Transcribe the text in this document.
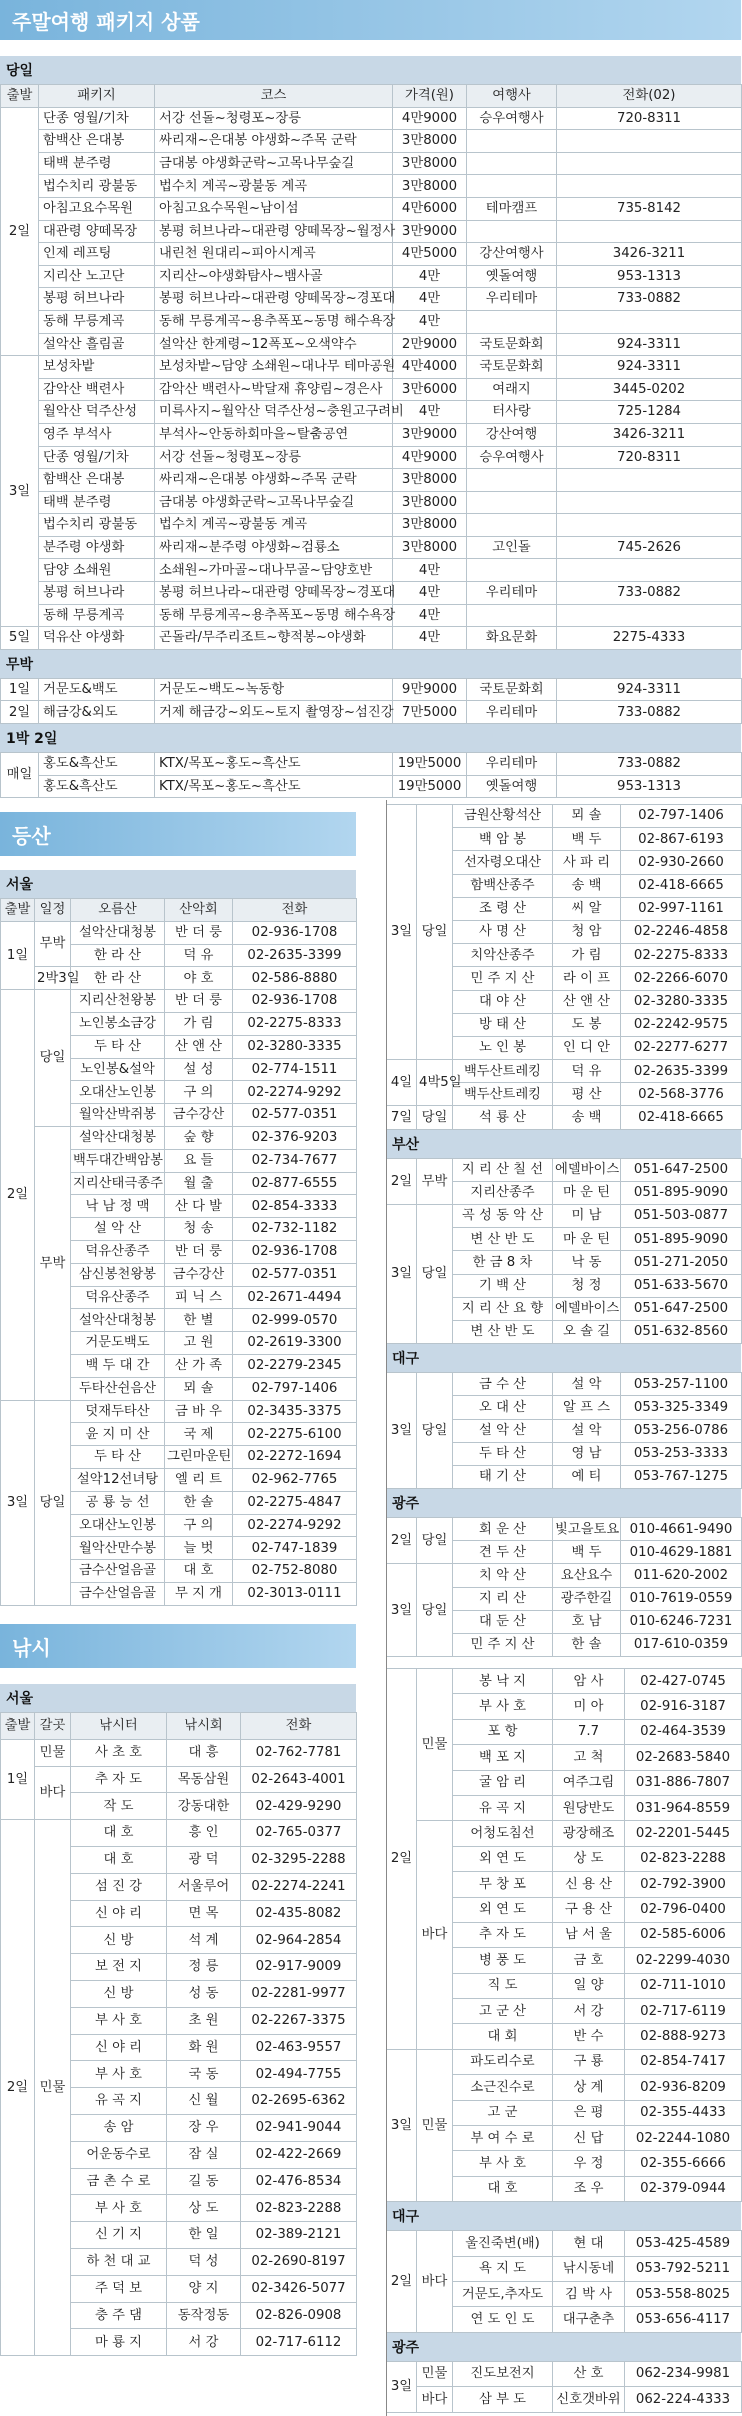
주말여행 패키지 상품
당일
출발	패키지	코스	가격(원)	여행사	전화(02)
2일	단종 영월/기차	서강 선돌~청령포~장릉	4만9000	승우여행사	720-8311
	함백산 은대봉	싸리재~은대봉 야생화~주목 군락	3만8000		
	태백 분주령	금대봉 야생화군락~고목나무숲길	3만8000		
	법수치리 광불동	법수치 계곡~광불동 계곡	3만8000		
	아침고요수목원	아침고요수목원~남이섬	4만6000	테마캠프	735-8142
	대관령 양떼목장	봉평 허브나라~대관령 양떼목장~월정사	3만9000		
	인제 레프팅	내린천 원대리~피아시계곡	4만5000	강산여행사	3426-3211
	지리산 노고단	지리산~야생화탐사~뱀사골	4만	옛돌여행	953-1313
	봉평 허브나라	봉평 허브나라~대관령 양떼목장~경포대	4만	우리테마	733-0882
	동해 무릉계곡	동해 무릉계곡~용추폭포~동명 해수욕장	4만		
	설악산 흘림골	설악산 한계령~12폭포~오색약수	2만9000	국토문화회	924-3311
3일	보성차밭	보성차밭~담양 소쇄원~대나무 테마공원	4만4000	국토문화회	924-3311
	감악산 백련사	감악산 백련사~박달재 휴양림~경은사	3만6000	여래지	3445-0202
	월악산 덕주산성	미륵사지~월악산 덕주산성~충원고구려비	4만	터사랑	725-1284
	영주 부석사	부석사~안동하회마을~탈춤공연	3만9000	강산여행	3426-3211
	단종 영월/기차	서강 선돌~청령포~장릉	4만9000	승우여행사	720-8311
	함백산 은대봉	싸리재~은대봉 야생화~주목 군락	3만8000		
	태백 분주령	금대봉 야생화군락~고목나무숲길	3만8000		
	법수치리 광불동	법수치 계곡~광불동 계곡	3만8000		
	분주령 야생화	싸리재~분주령 야생화~검룡소	3만8000	고인돌	745-2626
	담양 소쇄원	소쇄원~가마골~대나무골~담양호반	4만		
	봉평 허브나라	봉평 허브나라~대관령 양떼목장~경포대	4만	우리테마	733-0882
	동해 무릉계곡	동해 무릉계곡~용추폭포~동명 해수욕장	4만		
5일	덕유산 야생화	곤돌라/무주리조트~향적봉~야생화	4만	화요문화	2275-4333
무박
1일	거문도&백도	거문도~백도~녹동항	9만9000	국토문화회	924-3311
2일	해금강&외도	거제 해금강~외도~토지 촬영장~섬진강	7만5000	우리테마	733-0882
1박 2일
매일	홍도&흑산도	KTX/목포~홍도~흑산도	19만5000	우리테마	733-0882
	홍도&흑산도	KTX/목포~홍도~흑산도	19만5000	옛돌여행	953-1313
등산
서울
출발	일정	오름산	산악회	전화
1일	무박	설악산대청봉	반 더 룽	02-936-1708
		한 라 산	덕 유	02-2635-3399
	2박3일	한 라 산	야 호	02-586-8880
2일	당일	지리산천왕봉	반 더 룽	02-936-1708
		노인봉소금강	가 림	02-2275-8333
		두 타 산	산 앤 산	02-3280-3335
		노인봉&설악	설 성	02-774-1511
		오대산노인봉	구 의	02-2274-9292
		월악산박쥐봉	금수강산	02-577-0351
	무박	설악산대청봉	숲 향	02-376-9203
		백두대간백암봉	요 들	02-734-7677
		지리산태극종주	월 출	02-877-6555
		낙 남 정 맥	산 다 발	02-854-3333
		설 악 산	청 송	02-732-1182
		덕유산종주	반 더 룽	02-936-1708
		삼신봉천왕봉	금수강산	02-577-0351
		덕유산종주	피 닉 스	02-2671-4494
		설악산대청봉	한 별	02-999-0570
		거문도백도	고 원	02-2619-3300
		백 두 대 간	산 가 족	02-2279-2345
		두타산쉰음산	뫼 솔	02-797-1406
3일	당일	덧재두타산	금 바 우	02-3435-3375
		윤 지 미 산	국 제	02-2275-6100
		두 타 산	그린마운틴	02-2272-1694
		설악12선녀탕	엘 리 트	02-962-7765
		공 룡 능 선	한 솔	02-2275-4847
		오대산노인봉	구 의	02-2274-9292
		월악산만수봉	늘 벗	02-747-1839
		금수산얼음골	대 호	02-752-8080
		금수산얼음골	무 지 개	02-3013-0111
3일	당일	금원산황석산	뫼 솔	02-797-1406
		백 암 봉	백 두	02-867-6193
		선자령오대산	사 파 리	02-930-2660
		함백산종주	송 백	02-418-6665
		조 령 산	씨 알	02-997-1161
		사 명 산	청 암	02-2246-4858
		치악산종주	가 림	02-2275-8333
		민 주 지 산	라 이 프	02-2266-6070
		대 야 산	산 앤 산	02-3280-3335
		방 태 산	도 봉	02-2242-9575
		노 인 봉	인 디 안	02-2277-6277
4일	4박5일	백두산트레킹	덕 유	02-2635-3399
		백두산트레킹	평 산	02-568-3776
7일	당일	석 룡 산	송 백	02-418-6665
부산
2일	무박	지 리 산 칠 선	에델바이스	051-647-2500
		지리산종주	마 운 틴	051-895-9090
3일	당일	곡 성 동 악 산	미 남	051-503-0877
		변 산 반 도	마 운 틴	051-895-9090
		한 금 8 차	낙 동	051-271-2050
		기 백 산	청 정	051-633-5670
		지 리 산 요 향	에델바이스	051-647-2500
		변 산 반 도	오 솔 길	051-632-8560
대구
3일	당일	금 수 산	설 악	053-257-1100
		오 대 산	알 프 스	053-325-3349
		설 악 산	설 악	053-256-0786
		두 타 산	영 남	053-253-3333
		태 기 산	예 티	053-767-1275
광주
2일	당일	회 운 산	빛고을토요	010-4661-9490
		견 두 산	백 두	010-4629-1881
3일	당일	치 악 산	요산요수	011-620-2002
		지 리 산	광주한길	010-7619-0559
		대 둔 산	호 남	010-6246-7231
		민 주 지 산	한 솔	017-610-0359
낚시
서울
출발	갈곳	낚시터	낚시회	전화
1일	민물	사 초 호	대 흥	02-762-7781
	바다	추 자 도	목동삼원	02-2643-4001
		작 도	강동대한	02-429-9290
2일	민물	대 호	흥 인	02-765-0377
		대 호	광 덕	02-3295-2288
		섬 진 강	서울루어	02-2274-2241
		신 야 리	면 목	02-435-8082
		신 방	석 계	02-964-2854
		보 전 지	정 릉	02-917-9009
		신 방	성 동	02-2281-9977
		부 사 호	초 원	02-2267-3375
		신 야 리	화 원	02-463-9557
		부 사 호	국 동	02-494-7755
		유 곡 지	신 월	02-2695-6362
		송 암	장 우	02-941-9044
		어운동수로	잠 실	02-422-2669
		금 촌 수 로	길 동	02-476-8534
		부 사 호	상 도	02-823-2288
		신 기 지	한 일	02-389-2121
		하 천 대 교	덕 성	02-2690-8197
		주 덕 보	양 지	02-3426-5077
		충 주 댐	동작정동	02-826-0908
		마 룡 지	서 강	02-717-6112
2일	민물	봉 낙 지	암 사	02-427-0745
		부 사 호	미 아	02-916-3187
		포 항	7.7	02-464-3539
		백 포 지	고 척	02-2683-5840
		굴 암 리	여주그림	031-886-7807
		유 곡 지	원당반도	031-964-8559
	바다	어청도침선	광장해조	02-2201-5445
		외 연 도	상 도	02-823-2288
		무 창 포	신 용 산	02-792-3900
		외 연 도	구 용 산	02-796-0400
		추 자 도	남 서 울	02-585-6006
		병 풍 도	금 호	02-2299-4030
		직 도	일 양	02-711-1010
		고 군 산	서 강	02-717-6119
		대 회	반 수	02-888-9273
3일	민물	파도리수로	구 룡	02-854-7417
		소근진수로	상 계	02-936-8209
		고 군	은 평	02-355-4433
		부 여 수 로	신 답	02-2244-1080
		부 사 호	우 정	02-355-6666
		대 호	조 우	02-379-0944
대구
2일	바다	울진죽변(배)	현 대	053-425-4589
		욕 지 도	낚시동네	053-792-5211
		거문도,추자도	김 박 사	053-558-8025
		연 도 인 도	대구춘추	053-656-4117
광주
3일	민물	진도보전지	산 호	062-234-9981
	바다	삼 부 도	신호갯바위	062-224-4333
